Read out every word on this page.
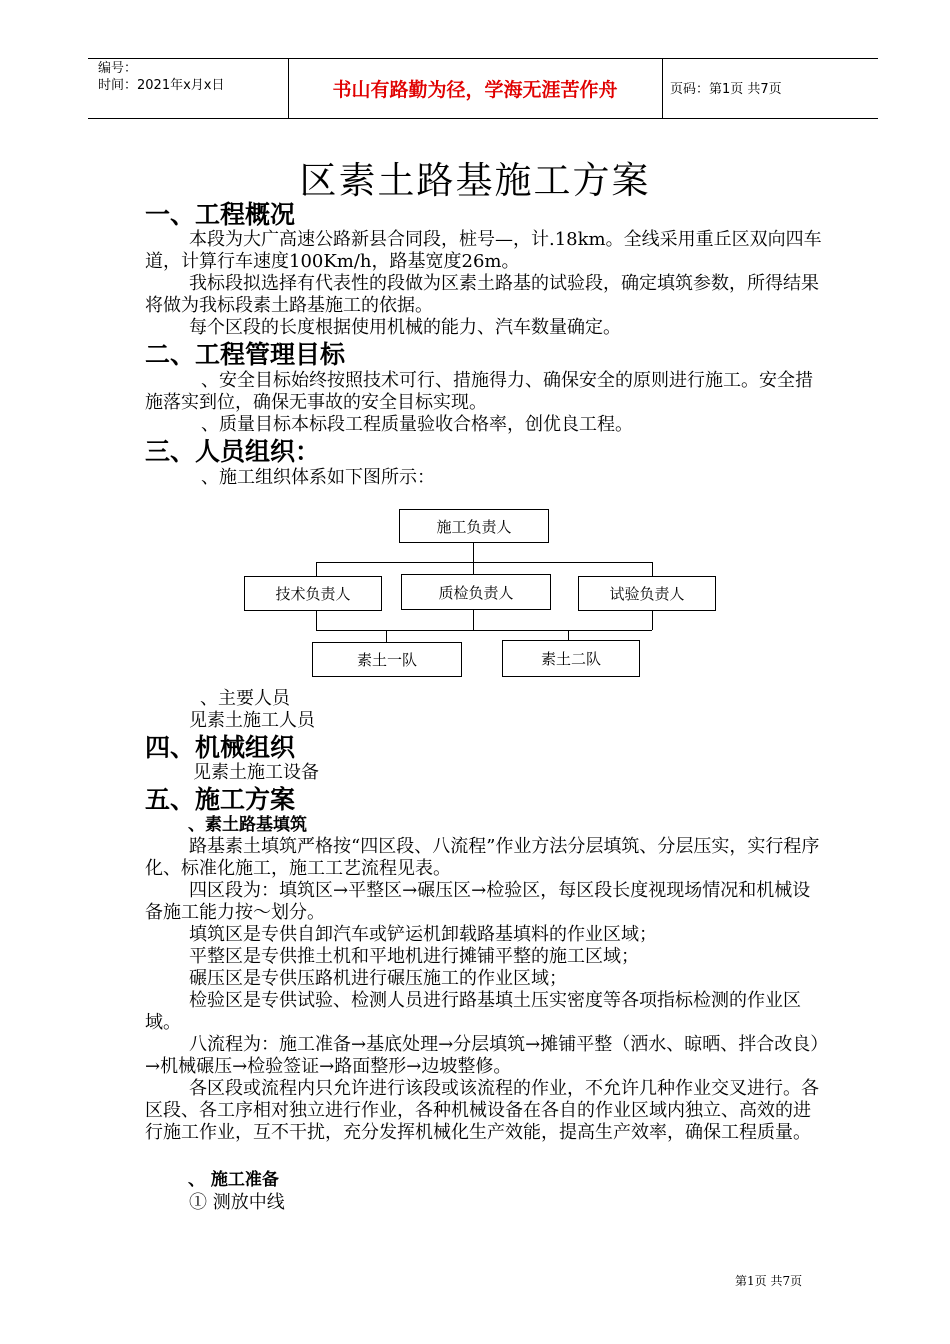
编号：
时间：2021年x月x日	书山有路勤为径，学海无涯苦作舟	页码：第1页 共7页
区素土路基施工方案
一、工程概况
本段为大广高速公路新县合同段，桩号—，计.18km。全线采用重丘区双向四车道，计算行车速度100Km/h，路基宽度26m。
我标段拟选择有代表性的段做为区素土路基的试验段，确定填筑参数，所得结果将做为我标段素土路基施工的依据。
每个区段的长度根据使用机械的能力、汽车数量确定。
二、工程管理目标
、安全目标始终按照技术可行、措施得力、确保安全的原则进行施工。安全措施落实到位，确保无事故的安全目标实现。
、质量目标本标段工程质量验收合格率，创优良工程。
三、人员组织：
、施工组织体系如下图所示：
施工负责人
技术负责人	质检负责人	试验负责人
素土一队	素土二队
、主要人员
见素土施工人员
四、机械组织
见素土施工设备
五、施工方案
、素土路基填筑
路基素土填筑严格按“四区段、八流程”作业方法分层填筑、分层压实，实行程序化、标准化施工，施工工艺流程见表。
四区段为：填筑区→平整区→碾压区→检验区，每区段长度视现场情况和机械设备施工能力按～划分。
填筑区是专供自卸汽车或铲运机卸载路基填料的作业区域；
平整区是专供推土机和平地机进行摊铺平整的施工区域；
碾压区是专供压路机进行碾压施工的作业区域；
检验区是专供试验、检测人员进行路基填土压实密度等各项指标检测的作业区域。
八流程为：施工准备→基底处理→分层填筑→摊铺平整（洒水、晾晒、拌合改良）→机械碾压→检验签证→路面整形→边坡整修。
各区段或流程内只允许进行该段或该流程的作业，不允许几种作业交叉进行。各区段、各工序相对独立进行作业，各种机械设备在各自的作业区域内独立、高效的进行施工作业，互不干扰，充分发挥机械化生产效能，提高生产效率，确保工程质量。
、 施工准备
① 测放中线
第1页 共7页
